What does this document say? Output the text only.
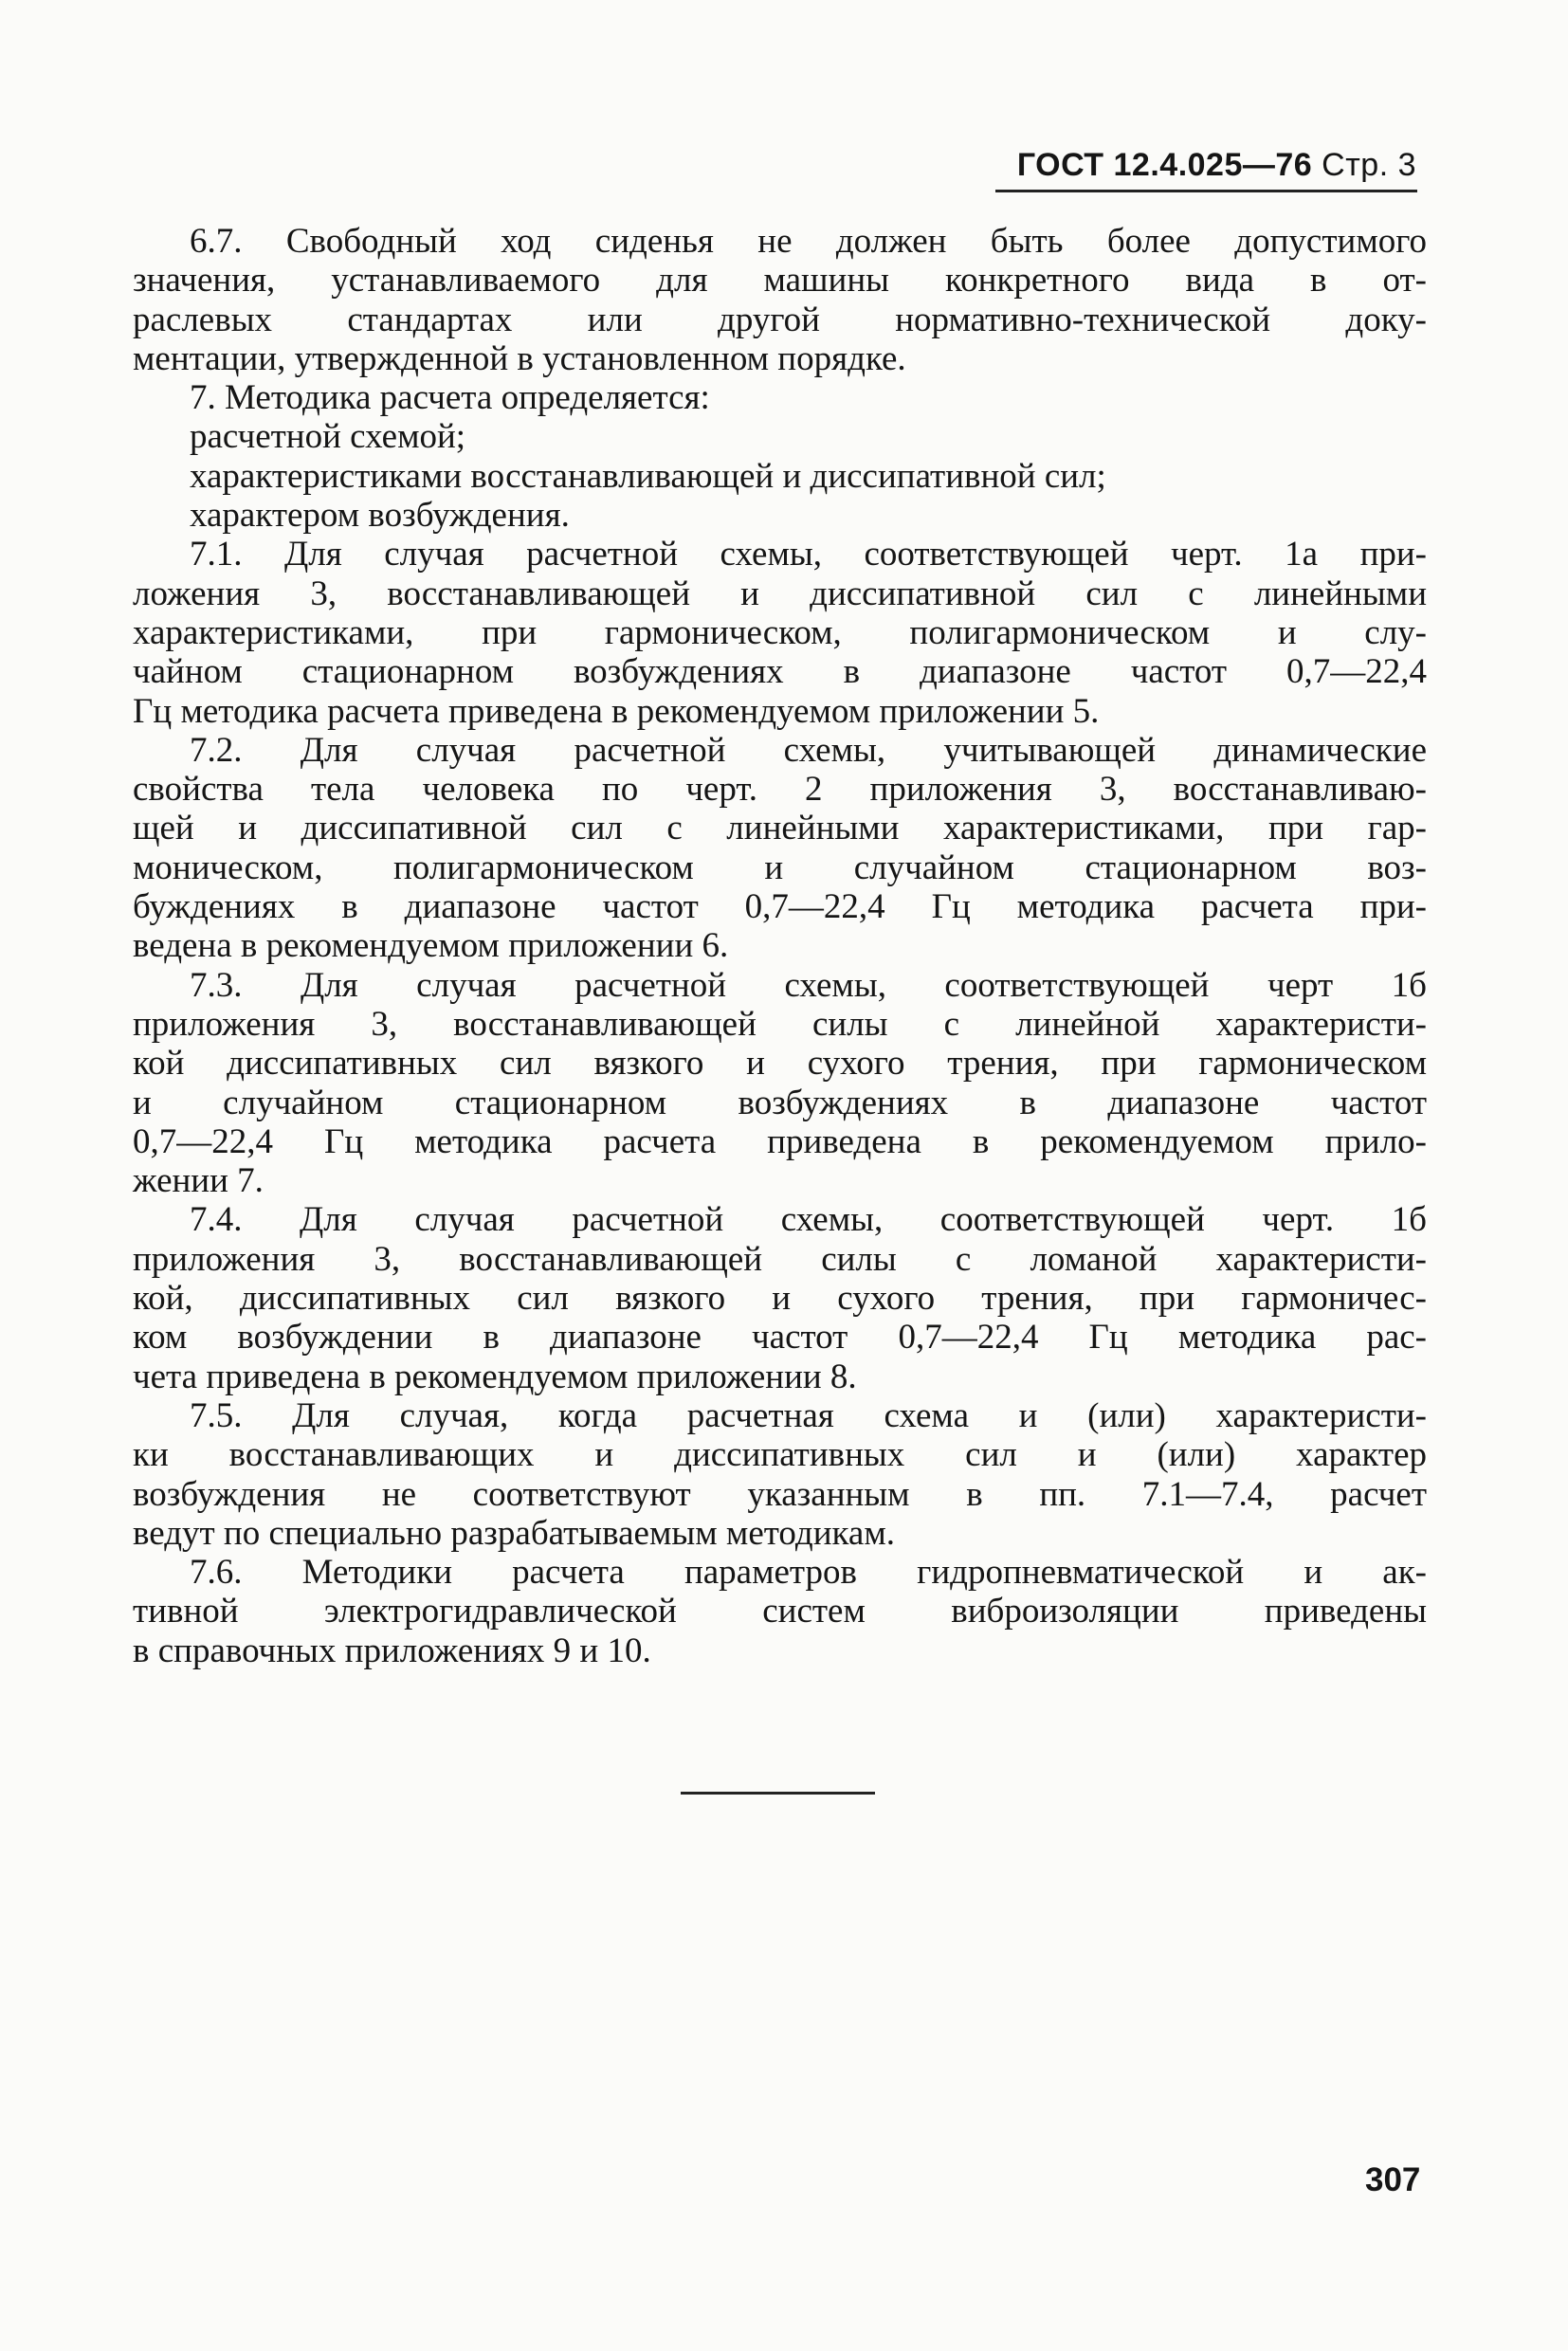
ГОСТ 12.4.025—76 Стр. 3
6.7. Свободный ход сиденья не должен быть более допустимого
значения, устанавливаемого для машины конкретного вида в от-
раслевых стандартах или другой нормативно-технической доку-
ментации, утвержденной в установленном порядке.
7. Методика расчета определяется:
расчетной схемой;
характеристиками восстанавливающей и диссипативной сил;
характером возбуждения.
7.1. Для случая расчетной схемы, соответствующей черт. 1а при-
ложения 3, восстанавливающей и диссипативной сил с линейными
характеристиками, при гармоническом, полигармоническом и слу-
чайном стационарном возбуждениях в диапазоне частот 0,7—22,4
Гц методика расчета приведена в рекомендуемом приложении 5.
7.2. Для случая расчетной схемы, учитывающей динамические
свойства тела человека по черт. 2 приложения 3, восстанавливаю-
щей и диссипативной сил с линейными характеристиками, при гар-
моническом, полигармоническом и случайном стационарном воз-
буждениях в диапазоне частот 0,7—22,4 Гц методика расчета при-
ведена в рекомендуемом приложении 6.
7.3. Для случая расчетной схемы, соответствующей черт 1б
приложения 3, восстанавливающей силы с линейной характеристи-
кой диссипативных сил вязкого и сухого трения, при гармоническом
и случайном стационарном возбуждениях в диапазоне частот
0,7—22,4 Гц методика расчета приведена в рекомендуемом прило-
жении 7.
7.4. Для случая расчетной схемы, соответствующей черт. 1б
приложения 3, восстанавливающей силы с ломаной характеристи-
кой, диссипативных сил вязкого и сухого трения, при гармоничес-
ком возбуждении в диапазоне частот 0,7—22,4 Гц методика рас-
чета приведена в рекомендуемом приложении 8.
7.5. Для случая, когда расчетная схема и (или) характеристи-
ки восстанавливающих и диссипативных сил и (или) характер
возбуждения не соответствуют указанным в пп. 7.1—7.4, расчет
ведут по специально разрабатываемым методикам.
7.6. Методики расчета параметров гидропневматической и ак-
тивной электрогидравлической систем виброизоляции приведены
в справочных приложениях 9 и 10.
307
